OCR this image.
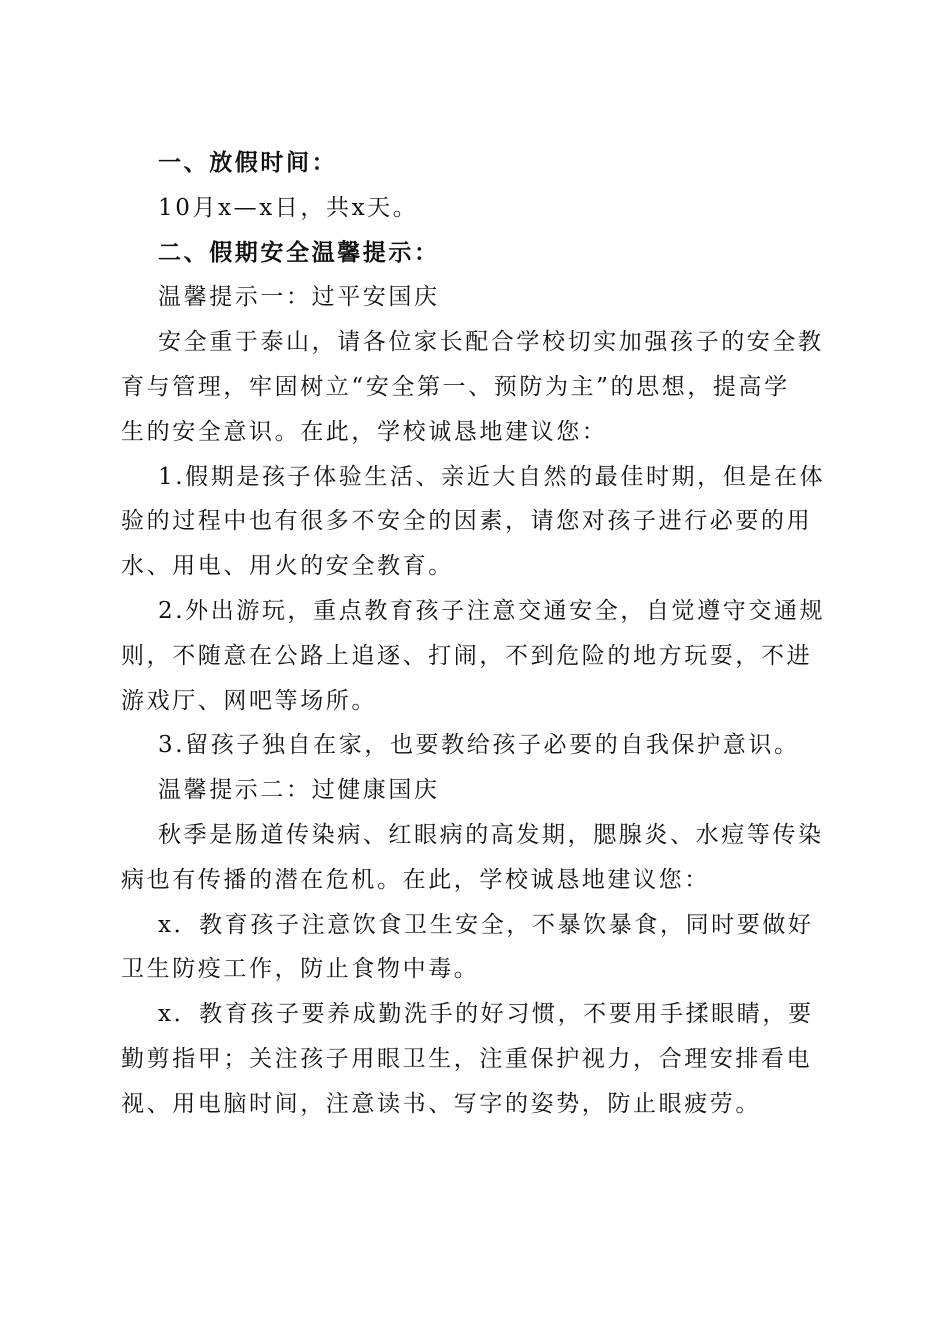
一、放假时间：
10月x—x日，共x天。
二、假期安全温馨提示：
温馨提示一：过平安国庆
安全重于泰山，请各位家长配合学校切实加强孩子的安全教
育与管理，牢固树立“安全第一、预防为主”的思想，提高学
生的安全意识。在此，学校诚恳地建议您：
1.假期是孩子体验生活、亲近大自然的最佳时期，但是在体
验的过程中也有很多不安全的因素，请您对孩子进行必要的用
水、用电、用火的安全教育。
2.外出游玩，重点教育孩子注意交通安全，自觉遵守交通规
则，不随意在公路上追逐、打闹，不到危险的地方玩耍，不进
游戏厅、网吧等场所。
3.留孩子独自在家，也要教给孩子必要的自我保护意识。
温馨提示二：过健康国庆
秋季是肠道传染病、红眼病的高发期，腮腺炎、水痘等传染
病也有传播的潜在危机。在此，学校诚恳地建议您：
x．教育孩子注意饮食卫生安全，不暴饮暴食，同时要做好
卫生防疫工作，防止食物中毒。
x．教育孩子要养成勤洗手的好习惯，不要用手揉眼睛，要
勤剪指甲；关注孩子用眼卫生，注重保护视力，合理安排看电
视、用电脑时间，注意读书、写字的姿势，防止眼疲劳。
